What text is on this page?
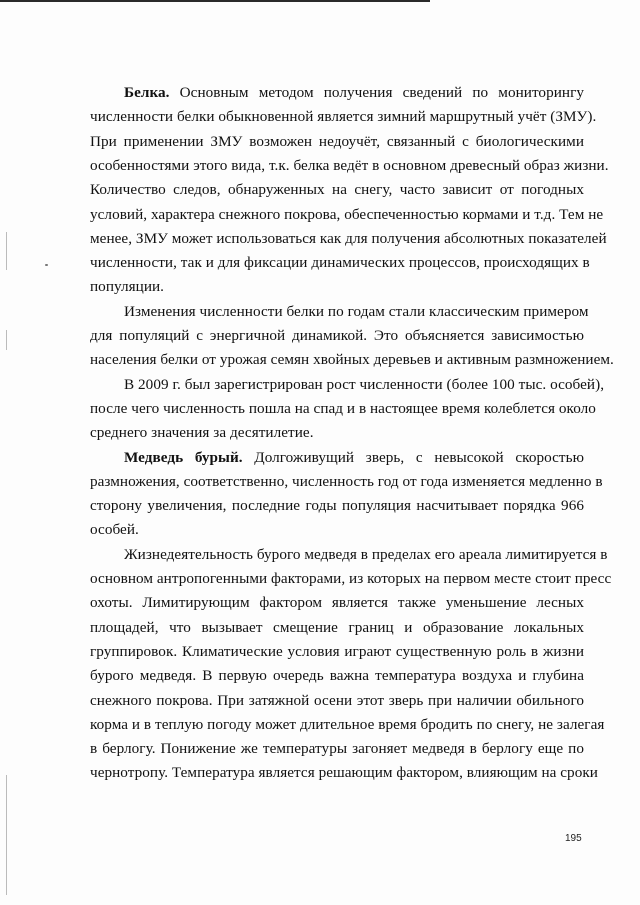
Белка. Основным методом получения сведений по мониторингу
численности белки обыкновенной является зимний маршрутный учёт (ЗМУ).
При применении ЗМУ возможен недоучёт, связанный с биологическими
особенностями этого вида, т.к. белка ведёт в основном древесный образ жизни.
Количество следов, обнаруженных на снегу, часто зависит от погодных
условий, характера снежного покрова, обеспеченностью кормами и т.д. Тем не
менее, ЗМУ может использоваться как для получения абсолютных показателей
численности, так и для фиксации динамических процессов, происходящих в
популяции.
Изменения численности белки по годам стали классическим примером
для популяций с энергичной динамикой. Это объясняется зависимостью
населения белки от урожая семян хвойных деревьев и активным размножением.
В 2009 г. был зарегистрирован рост численности (более 100 тыс. особей),
после чего численность пошла на спад и в настоящее время колеблется около
среднего значения за десятилетие.
Медведь бурый. Долгоживущий зверь, с невысокой скоростью
размножения, соответственно, численность год от года изменяется медленно в
сторону увеличения, последние годы популяция насчитывает порядка 966
особей.
Жизнедеятельность бурого медведя в пределах его ареала лимитируется в
основном антропогенными факторами, из которых на первом месте стоит пресс
охоты. Лимитирующим фактором является также уменьшение лесных
площадей, что вызывает смещение границ и образование локальных
группировок. Климатические условия играют существенную роль в жизни
бурого медведя. В первую очередь важна температура воздуха и глубина
снежного покрова. При затяжной осени этот зверь при наличии обильного
корма и в теплую погоду может длительное время бродить по снегу, не залегая
в берлогу. Понижение же температуры загоняет медведя в берлогу еще по
чернотропу. Температура является решающим фактором, влияющим на сроки
195
